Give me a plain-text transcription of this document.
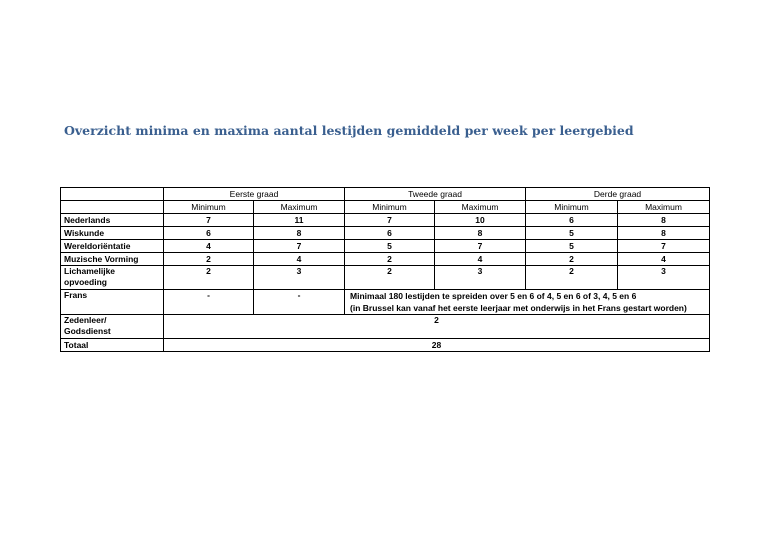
Overzicht minima en maxima aantal lestijden gemiddeld per week per leergebied
	Eerste graad		Tweede graad		Derde graad	
	Minimum	Maximum	Minimum	Maximum	Minimum	Maximum
Nederlands	7	11	7	10	6	8
Wiskunde	6	8	6	8	5	8
Wereldoriëntatie	4	7	5	7	5	7
Muzische Vorming	2	4	2	4	2	4

Lichamelijke
opvoeding	2	3	2	3	2	3
Frans	-	-	Minimaal 180 lestijden te spreiden over 5 en 6 of 4, 5 en 6 of 3, 4, 5 en 6
(in Brussel kan vanaf het eerste leerjaar met onderwijs in het Frans gestart worden)			

Zedenleer/
Godsdienst	2					
Totaal	28					
